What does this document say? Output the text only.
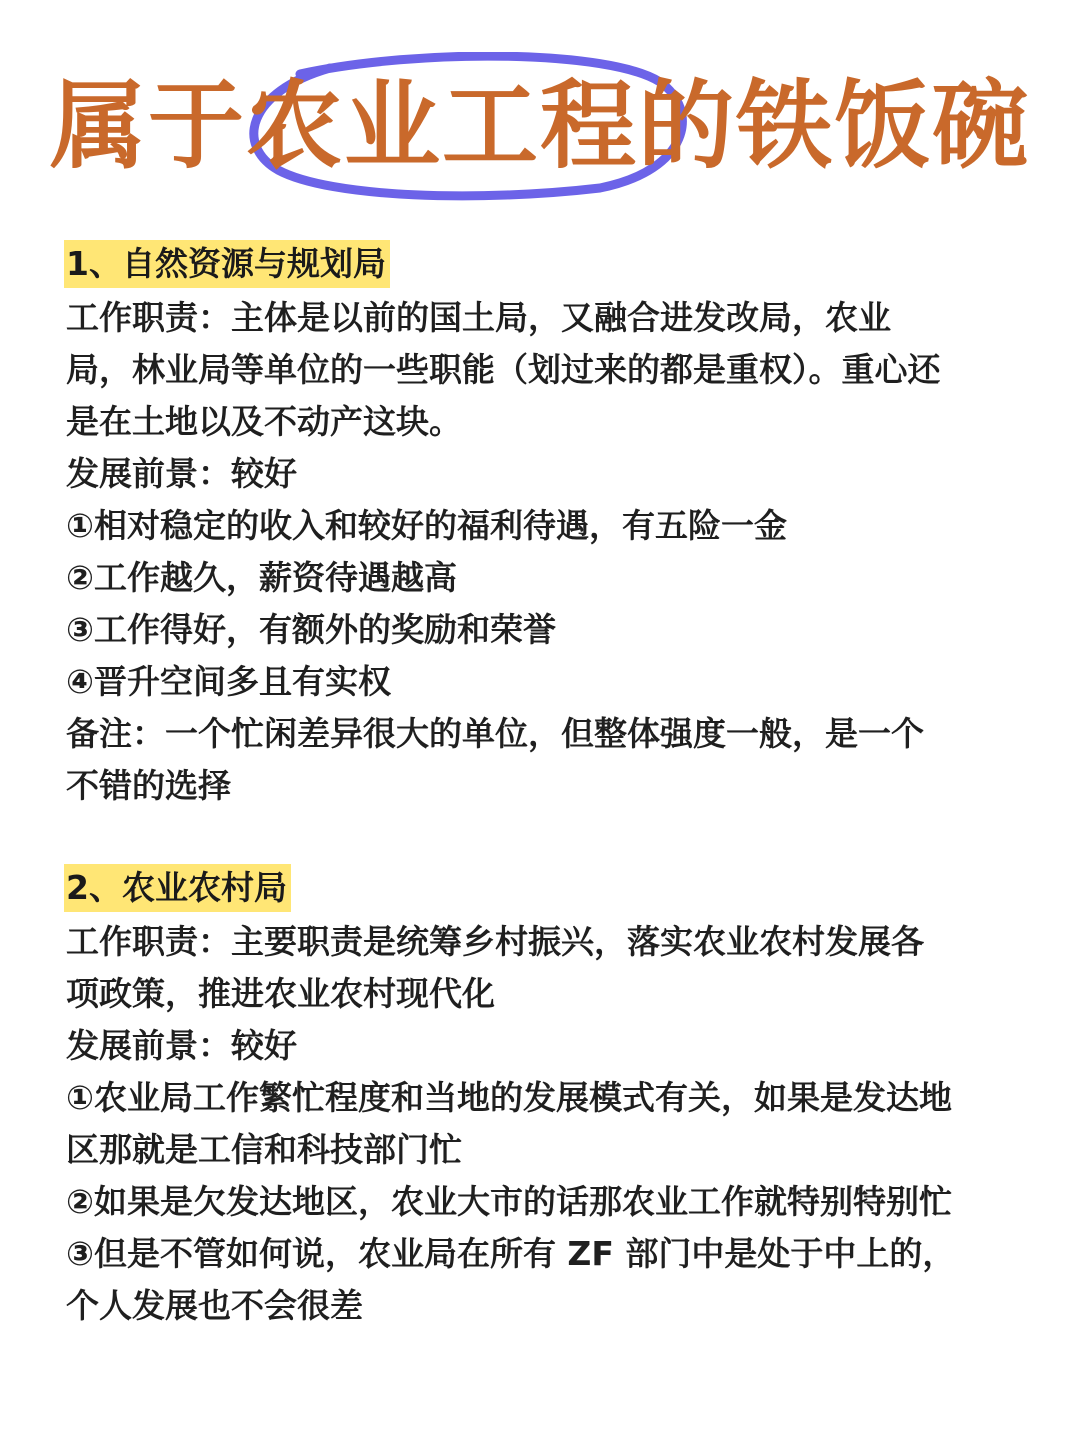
属于农业工程的铁饭碗
1、自然资源与规划局

工作职责：主体是以前的国土局，又融合进发改局，农业局，林业局等单位的一些职能（划过来的都是重权）。重心还是在土地以及不动产这块。

发展前景：较好

①相对稳定的收入和较好的福利待遇，有五险一金

②工作越久，薪资待遇越高

③工作得好，有额外的奖励和荣誉

④晋升空间多且有实权

备注：一个忙闲差异很大的单位，但整体强度一般，是一个不错的选择

2、农业农村局

工作职责：主要职责是统筹乡村振兴，落实农业农村发展各项政策，推进农业农村现代化

发展前景：较好

①农业局工作繁忙程度和当地的发展模式有关，如果是发达地区那就是工信和科技部门忙

②如果是欠发达地区，农业大市的话那农业工作就特别特别忙

③但是不管如何说，农业局在所有 ZF 部门中是处于中上的，个人发展也不会很差
